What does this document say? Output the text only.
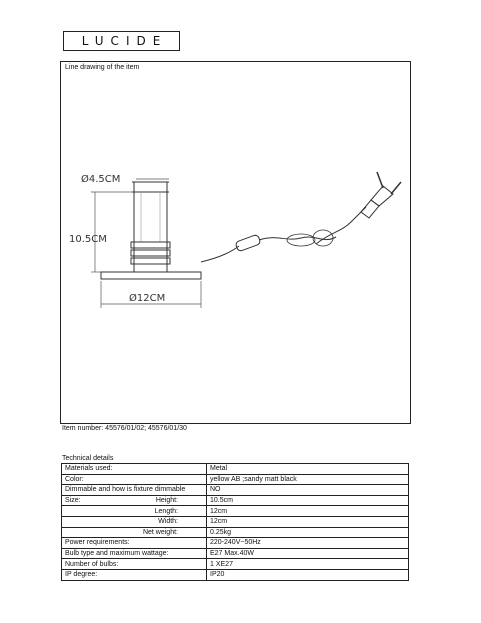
LUCIDE
Line drawing of the item
Ø4.5CM
10.5CM
Ø12CM
Item number: 45576/01/02; 45576/01/30
Technical details
Materials used:	Metal
Color:	yellow AB ;sandy matt black
Dimmable and how is fixture dimmable	NO

Size: Height:	10.5cm

Length:	12cm

Width:	12cm

Net weight:	0.25kg
Power requirements:	220-240V~50Hz
Bulb type and maximum wattage:	E27 Max.40W
Number of bulbs:	1 XE27
IP degree:	IP20
